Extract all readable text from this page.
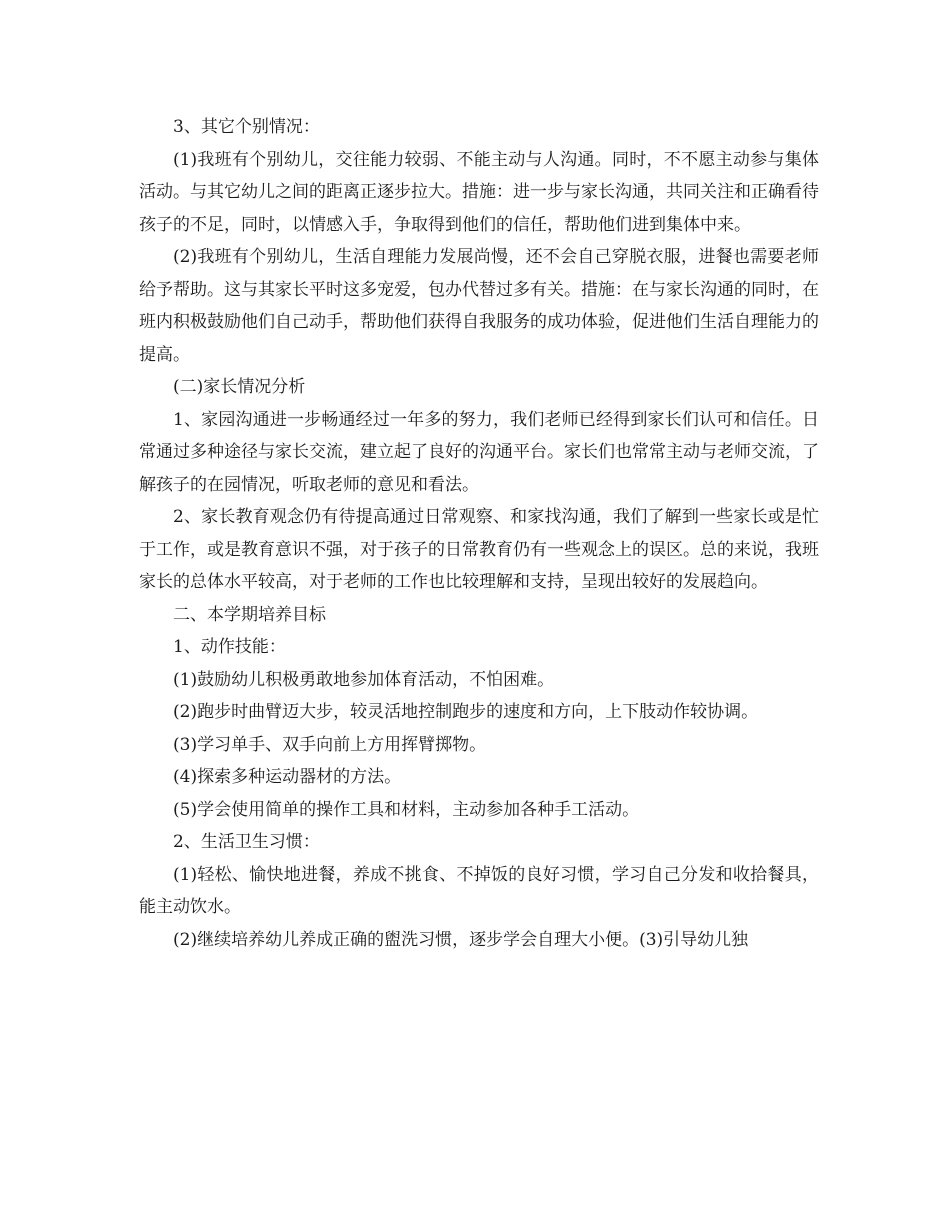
3、其它个别情况：

(1)我班有个别幼儿，交往能力较弱、不能主动与人沟通。同时，不不愿主动参与集体活动。与其它幼儿之间的距离正逐步拉大。措施：进一步与家长沟通，共同关注和正确看待孩子的不足，同时，以情感入手，争取得到他们的信任，帮助他们进到集体中来。

(2)我班有个别幼儿，生活自理能力发展尚慢，还不会自己穿脱衣服，进餐也需要老师给予帮助。这与其家长平时这多宠爱，包办代替过多有关。措施：在与家长沟通的同时，在班内积极鼓励他们自己动手，帮助他们获得自我服务的成功体验，促进他们生活自理能力的提高。

(二)家长情况分析

1、家园沟通进一步畅通经过一年多的努力，我们老师已经得到家长们认可和信任。日常通过多种途径与家长交流，建立起了良好的沟通平台。家长们也常常主动与老师交流，了解孩子的在园情况，听取老师的意见和看法。

2、家长教育观念仍有待提高通过日常观察、和家找沟通，我们了解到一些家长或是忙于工作，或是教育意识不强，对于孩子的日常教育仍有一些观念上的误区。总的来说，我班家长的总体水平较高，对于老师的工作也比较理解和支持，呈现出较好的发展趋向。

二、本学期培养目标

1、动作技能：

(1)鼓励幼儿积极勇敢地参加体育活动，不怕困难。

(2)跑步时曲臂迈大步，较灵活地控制跑步的速度和方向，上下肢动作较协调。

(3)学习单手、双手向前上方用挥臂掷物。

(4)探索多种运动器材的方法。

(5)学会使用简单的操作工具和材料，主动参加各种手工活动。

2、生活卫生习惯：

(1)轻松、愉快地进餐，养成不挑食、不掉饭的良好习惯，学习自己分发和收拾餐具，能主动饮水。

(2)继续培养幼儿养成正确的盥洗习惯，逐步学会自理大小便。(3)引导幼儿独
